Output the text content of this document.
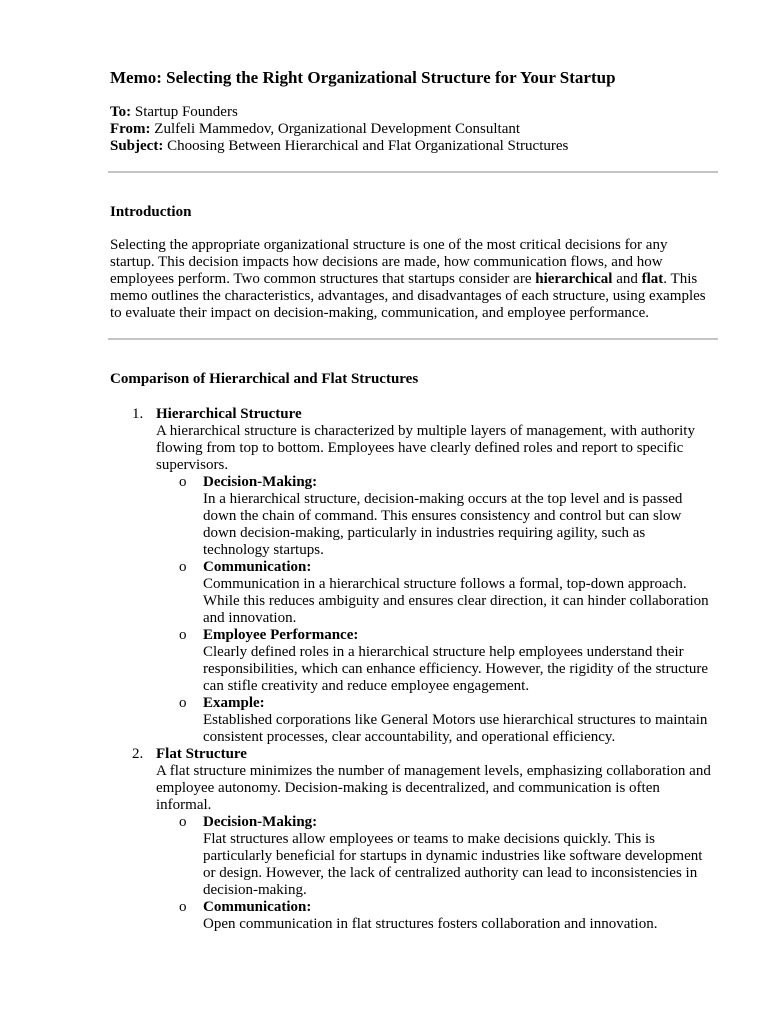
Memo: Selecting the Right Organizational Structure for Your Startup

To: Startup Founders

From: Zulfeli Mammedov, Organizational Development Consultant

Subject: Choosing Between Hierarchical and Flat Organizational Structures

Introduction

Selecting the appropriate organizational structure is one of the most critical decisions for any startup. This decision impacts how decisions are made, how communication flows, and how employees perform. Two common structures that startups consider are hierarchical and flat. This memo outlines the characteristics, advantages, and disadvantages of each structure, using examples to evaluate their impact on decision-making, communication, and employee performance.

Comparison of Hierarchical and Flat Structures

1. Hierarchical Structure
A hierarchical structure is characterized by multiple layers of management, with authority flowing from top to bottom. Employees have clearly defined roles and report to specific supervisors.
o Decision-Making:
In a hierarchical structure, decision-making occurs at the top level and is passed down the chain of command. This ensures consistency and control but can slow down decision-making, particularly in industries requiring agility, such as technology startups.
o Communication:
Communication in a hierarchical structure follows a formal, top-down approach. While this reduces ambiguity and ensures clear direction, it can hinder collaboration and innovation.
o Employee Performance:
Clearly defined roles in a hierarchical structure help employees understand their responsibilities, which can enhance efficiency. However, the rigidity of the structure can stifle creativity and reduce employee engagement.
o Example:
Established corporations like General Motors use hierarchical structures to maintain consistent processes, clear accountability, and operational efficiency.
2. Flat Structure
A flat structure minimizes the number of management levels, emphasizing collaboration and employee autonomy. Decision-making is decentralized, and communication is often informal.
o Decision-Making:
Flat structures allow employees or teams to make decisions quickly. This is particularly beneficial for startups in dynamic industries like software development or design. However, the lack of centralized authority can lead to inconsistencies in decision-making.
o Communication:
Open communication in flat structures fosters collaboration and innovation.
